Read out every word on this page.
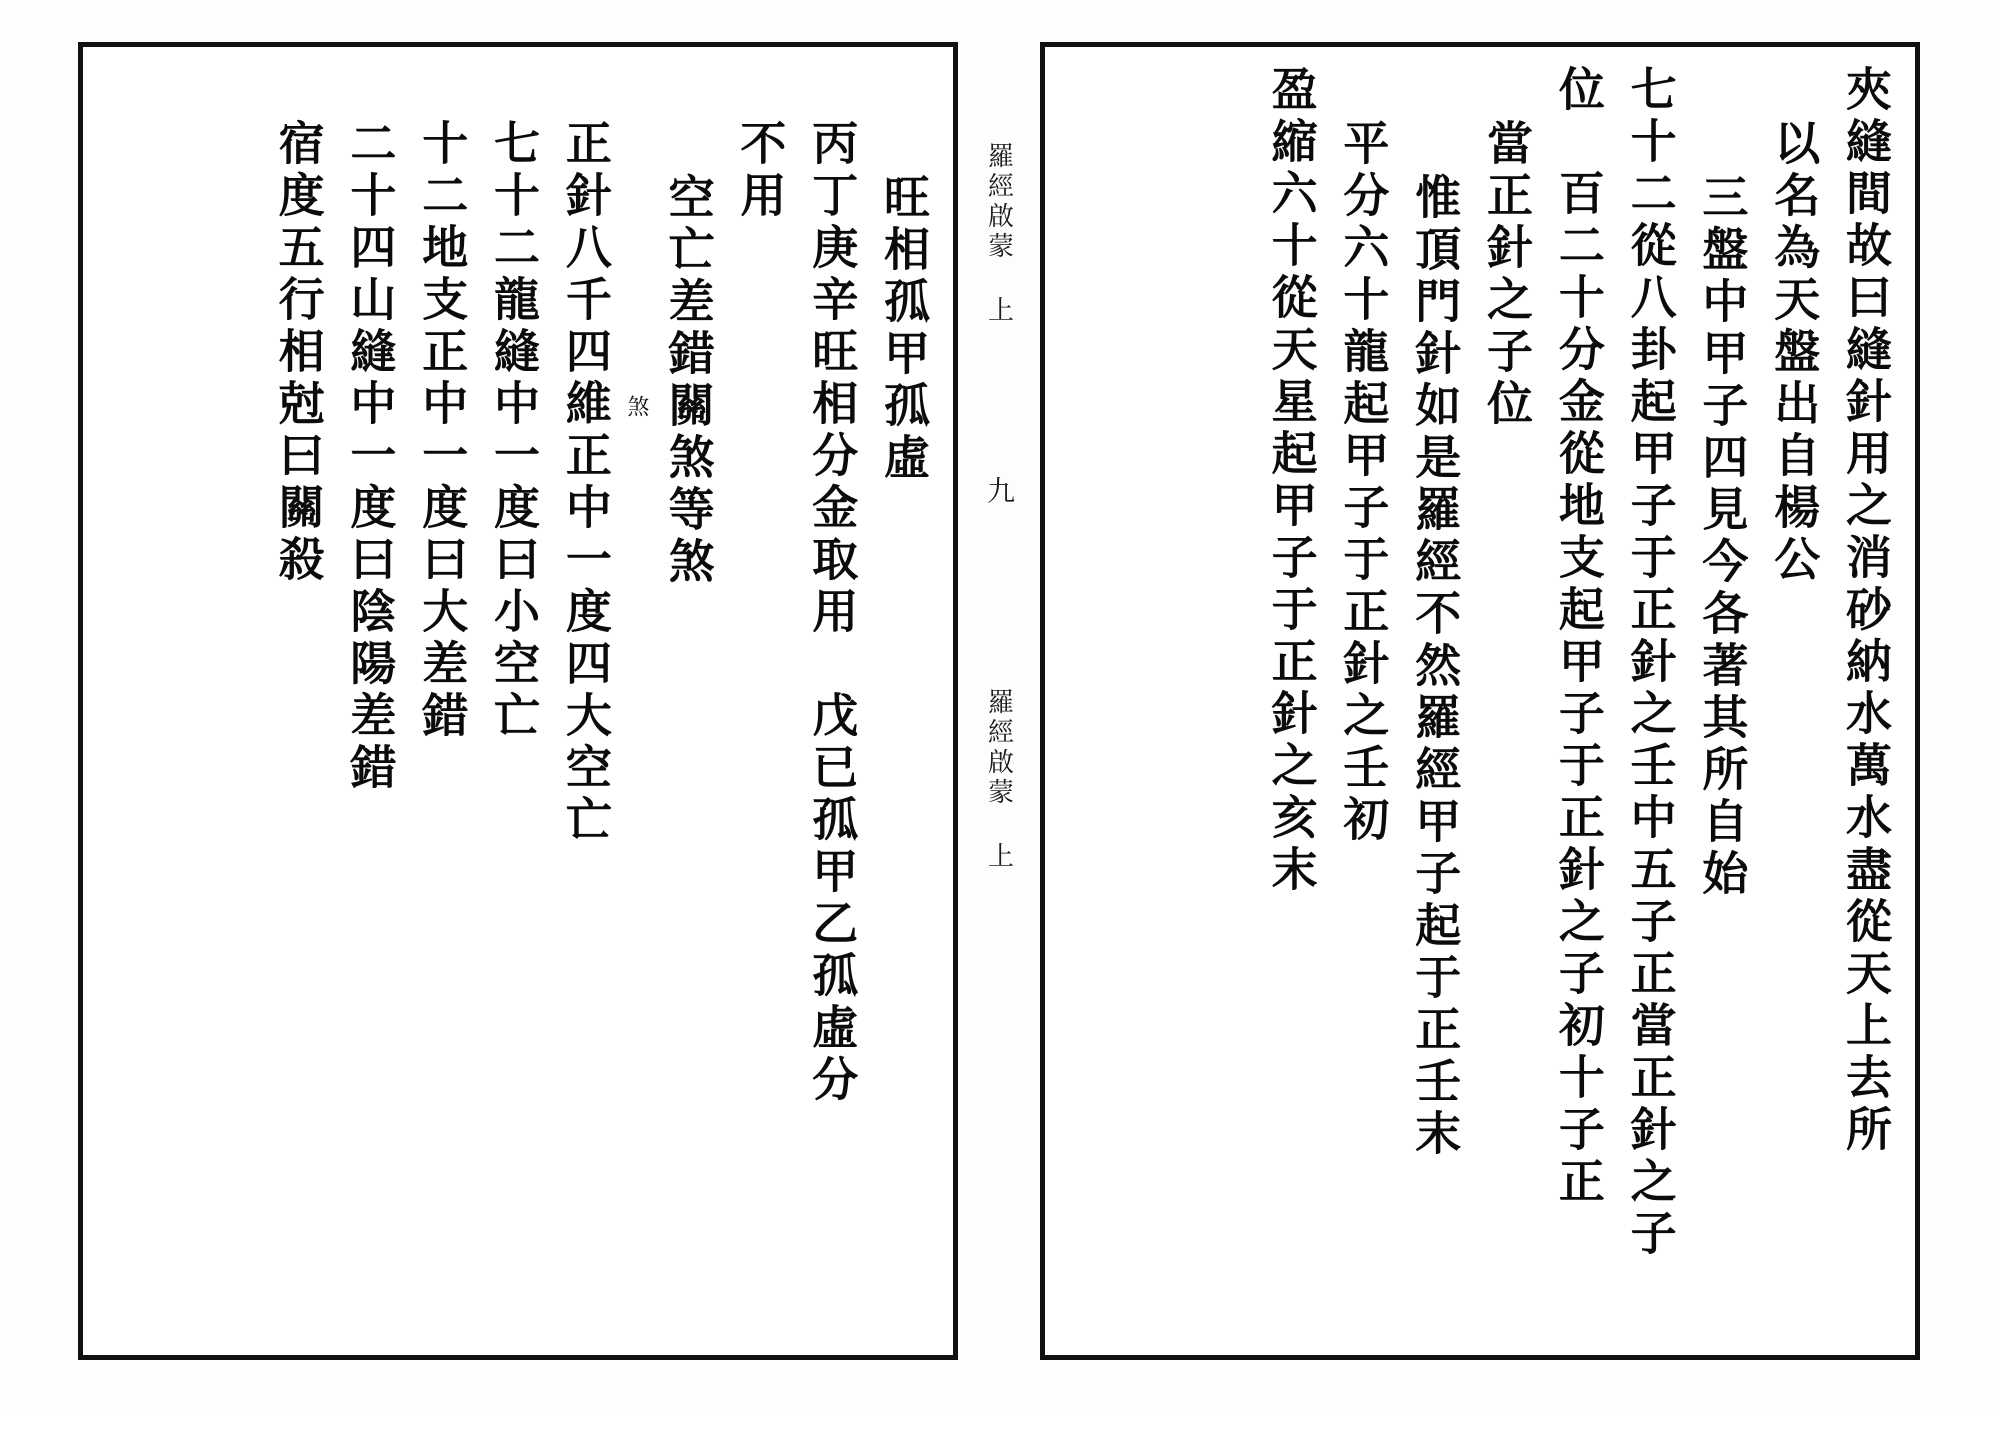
夾縫間故曰縫針用之消砂納水萬水盡從天上去所
以名為天盤出自楊公
三盤中甲子四見今各著其所自始
七十二從八卦起甲子于正針之壬中五子正當正針之子
位　百二十分金從地支起甲子于正針之子初十子正
當正針之子位
惟頂門針如是羅經不然羅經甲子起于正壬末
平分六十龍起甲子于正針之壬初
盈縮六十從天星起甲子于正針之亥末
羅經啟蒙 上
九
羅經啟蒙 上
旺相孤甲孤虛
丙丁庚辛旺相分金取用　戊已孤甲乙孤虛分
不用
空亡差錯關煞等煞
煞
正針八千四維正中一度四大空亡
七十二龍縫中一度曰小空亡
十二地支正中一度曰大差錯
二十四山縫中一度曰陰陽差錯
宿度五行相尅曰關殺
